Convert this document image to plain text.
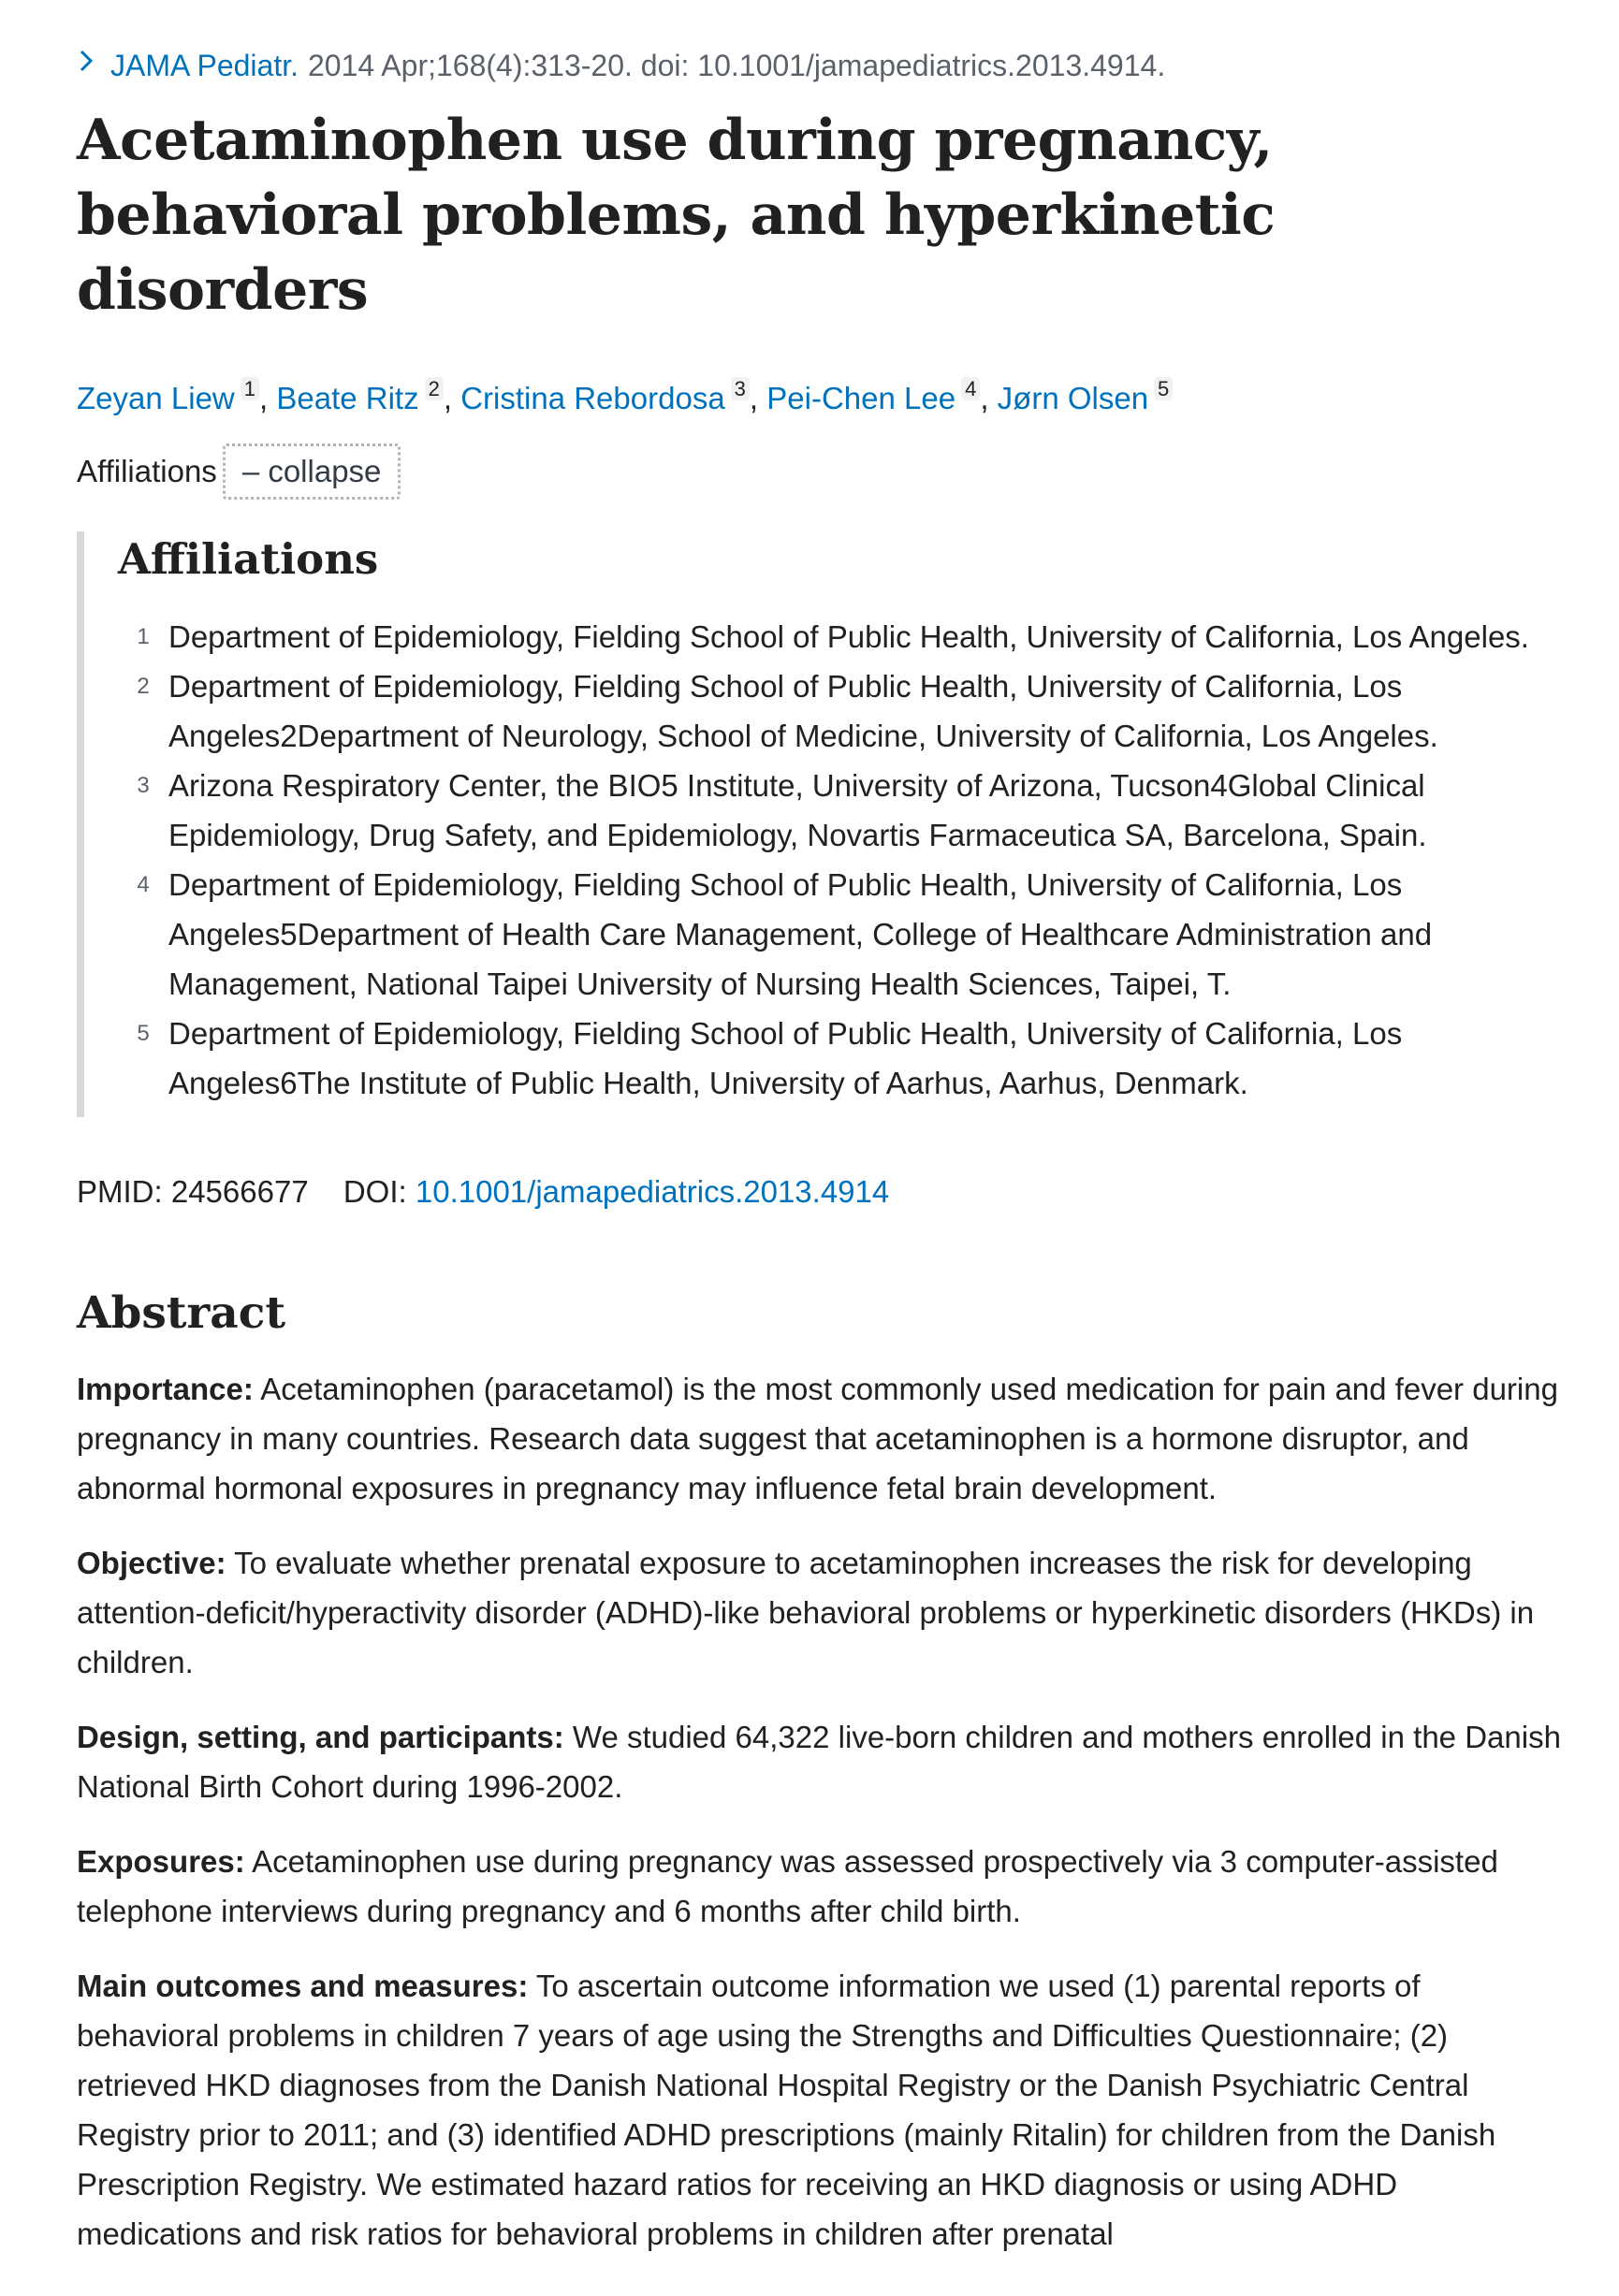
JAMA Pediatr. 2014 Apr;168(4):313-20. doi: 10.1001/jamapediatrics.2013.4914.
Acetaminophen use during pregnancy, behavioral problems, and hyperkinetic disorders
Zeyan Liew $^1$ , Beate Ritz $^2$ , Cristina Rebordosa $^3$ , Pei-Chen Lee $^4$ , Jørn Olsen $^5$
Affiliations – collapse
Affiliations
1 Department of Epidemiology, Fielding School of Public Health, University of California, Los Angeles.
2 Department of Epidemiology, Fielding School of Public Health, University of California, Los Angeles2Department of Neurology, School of Medicine, University of California, Los Angeles.
3 Arizona Respiratory Center, the BIO5 Institute, University of Arizona, Tucson4Global Clinical Epidemiology, Drug Safety, and Epidemiology, Novartis Farmaceutica SA, Barcelona, Spain.
4 Department of Epidemiology, Fielding School of Public Health, University of California, Los Angeles5Department of Health Care Management, College of Healthcare Administration and Management, National Taipei University of Nursing Health Sciences, Taipei, T.
5 Department of Epidemiology, Fielding School of Public Health, University of California, Los Angeles6The Institute of Public Health, University of Aarhus, Aarhus, Denmark.
PMID: 24566677 DOI: 10.1001/jamapediatrics.2013.4914
Abstract

Importance: Acetaminophen (paracetamol) is the most commonly used medication for pain and fever during pregnancy in many countries. Research data suggest that acetaminophen is a hormone disruptor, and abnormal hormonal exposures in pregnancy may influence fetal brain development.

Objective: To evaluate whether prenatal exposure to acetaminophen increases the risk for developing attention-deficit/hyperactivity disorder (ADHD)-like behavioral problems or hyperkinetic disorders (HKDs) in children.

Design, setting, and participants: We studied 64,322 live-born children and mothers enrolled in the Danish National Birth Cohort during 1996-2002.

Exposures: Acetaminophen use during pregnancy was assessed prospectively via 3 computer-assisted telephone interviews during pregnancy and 6 months after child birth.

Main outcomes and measures: To ascertain outcome information we used (1) parental reports of behavioral problems in children 7 years of age using the Strengths and Difficulties Questionnaire; (2) retrieved HKD diagnoses from the Danish National Hospital Registry or the Danish Psychiatric Central Registry prior to 2011; and (3) identified ADHD prescriptions (mainly Ritalin) for children from the Danish Prescription Registry. We estimated hazard ratios for receiving an HKD diagnosis or using ADHD medications and risk ratios for behavioral problems in children after prenatal
